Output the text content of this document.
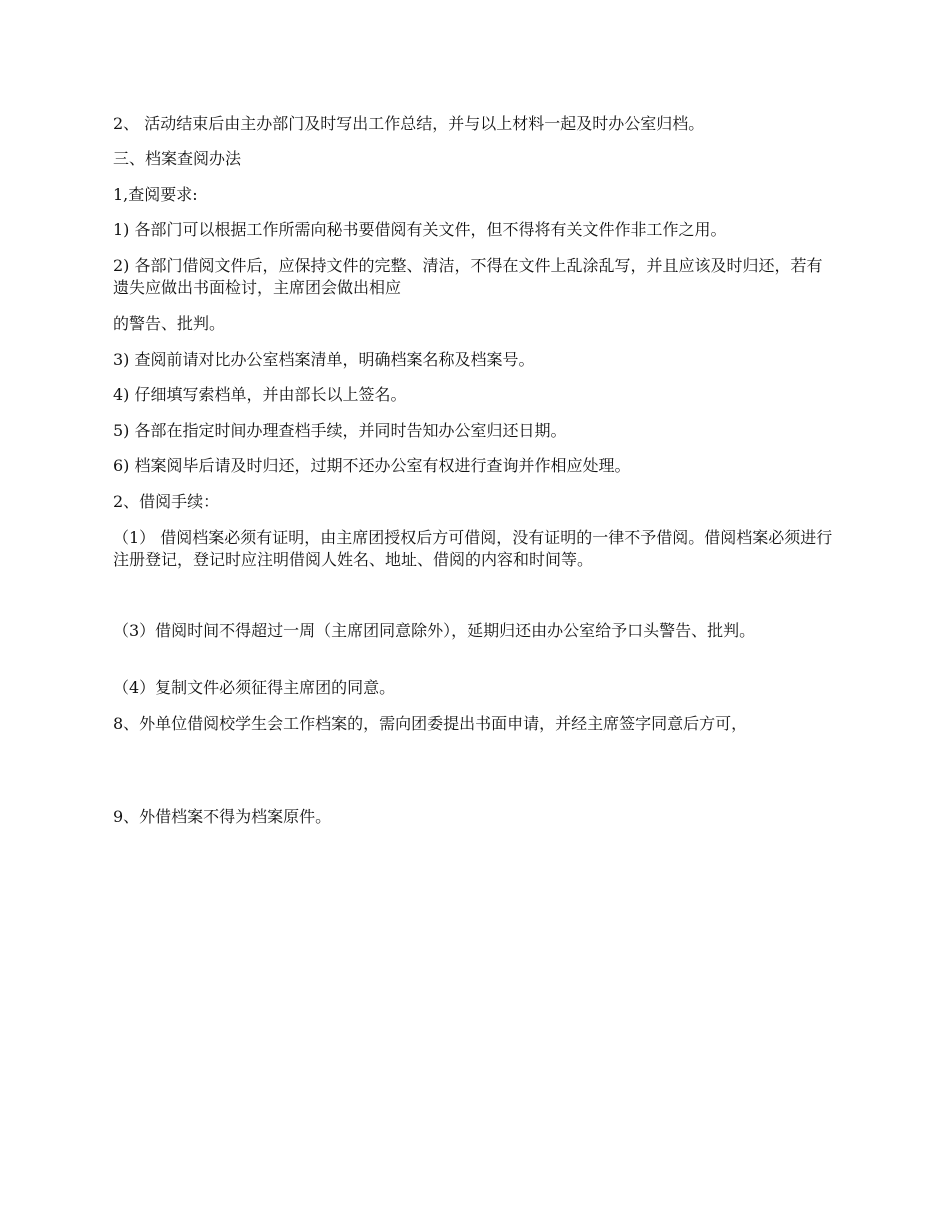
2、 活动结束后由主办部门及时写出工作总结，并与以上材料一起及时办公室归档。

三、档案查阅办法

1,查阅要求:

1) 各部门可以根据工作所需向秘书要借阅有关文件，但不得将有关文件作非工作之用。

2) 各部门借阅文件后，应保持文件的完整、清洁，不得在文件上乱涂乱写，并且应该及时归还，若有遗失应做出书面检讨，主席团会做出相应

的警告、批判。

3) 查阅前请对比办公室档案清单，明确档案名称及档案号。

4) 仔细填写索档单，并由部长以上签名。

5) 各部在指定时间办理查档手续，并同时告知办公室归还日期。

6) 档案阅毕后请及时归还，过期不还办公室有权进行查询并作相应处理。

2、借阅手续：

（1） 借阅档案必须有证明，由主席团授权后方可借阅，没有证明的一律不予借阅。借阅档案必须进行注册登记，登记时应注明借阅人姓名、地址、借阅的内容和时间等。

（3）借阅时间不得超过一周（主席团同意除外），延期归还由办公室给予口头警告、批判。

（4）复制文件必须征得主席团的同意。

8、外单位借阅校学生会工作档案的，需向团委提出书面申请，并经主席签字同意后方可，

9、外借档案不得为档案原件。
